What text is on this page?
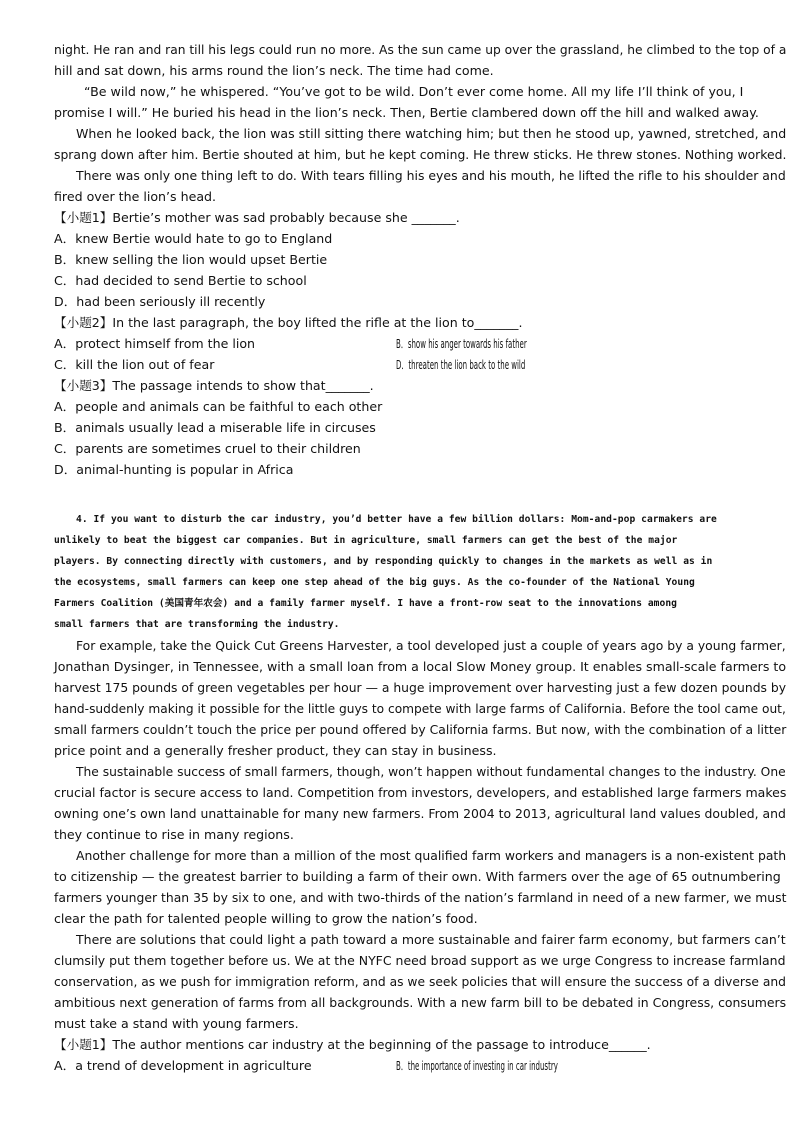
night. He ran and ran till his legs could run no more. As the sun came up over the grassland, he climbed to the top of a
hill and sat down, his arms round the lion’s neck. The time had come.
“Be wild now,” he whispered. “You’ve got to be wild. Don’t ever come home. All my life I’ll think of you, I
promise I will.” He buried his head in the lion’s neck. Then, Bertie clambered down off the hill and walked away.
When he looked back, the lion was still sitting there watching him; but then he stood up, yawned, stretched, and
sprang down after him. Bertie shouted at him, but he kept coming. He threw sticks. He threw stones. Nothing worked.
There was only one thing left to do. With tears filling his eyes and his mouth, he lifted the rifle to his shoulder and
fired over the lion’s head.
【小题1】Bertie’s mother was sad probably because she _______.
A．knew Bertie would hate to go to England
B．knew selling the lion would upset Bertie
C．had decided to send Bertie to school
D．had been seriously ill recently
【小题2】In the last paragraph, the boy lifted the rifle at the lion to_______.
A．protect himself from the lion	B．show his anger towards his father
C．kill the lion out of fear	D．threaten the lion back to the wild
【小题3】The passage intends to show that_______.
A．people and animals can be faithful to each other
B．animals usually lead a miserable life in circuses
C．parents are sometimes cruel to their children
D．animal-hunting is popular in Africa
4. If you want to disturb the car industry, you’d better have a few billion dollars: Mom-and-pop carmakers are
unlikely to beat the biggest car companies. But in agriculture, small farmers can get the best of the major
players. By connecting directly with customers, and by responding quickly to changes in the markets as well as in
the ecosystems, small farmers can keep one step ahead of the big guys. As the co-founder of the National Young
Farmers Coalition (美国青年农会) and a family farmer myself. I have a front-row seat to the innovations among
small farmers that are transforming the industry.
For example, take the Quick Cut Greens Harvester, a tool developed just a couple of years ago by a young farmer,
Jonathan Dysinger, in Tennessee, with a small loan from a local Slow Money group. It enables small-scale farmers to
harvest 175 pounds of green vegetables per hour — a huge improvement over harvesting just a few dozen pounds by
hand-suddenly making it possible for the little guys to compete with large farms of California. Before the tool came out,
small farmers couldn’t touch the price per pound offered by California farms. But now, with the combination of a litter
price point and a generally fresher product, they can stay in business.
The sustainable success of small farmers, though, won’t happen without fundamental changes to the industry. One
crucial factor is secure access to land. Competition from investors, developers, and established large farmers makes
owning one’s own land unattainable for many new farmers. From 2004 to 2013, agricultural land values doubled, and
they continue to rise in many regions.
Another challenge for more than a million of the most qualified farm workers and managers is a non-existent path
to citizenship — the greatest barrier to building a farm of their own. With farmers over the age of 65 outnumbering
farmers younger than 35 by six to one, and with two-thirds of the nation’s farmland in need of a new farmer, we must
clear the path for talented people willing to grow the nation’s food.
There are solutions that could light a path toward a more sustainable and fairer farm economy, but farmers can’t
clumsily put them together before us. We at the NYFC need broad support as we urge Congress to increase farmland
conservation, as we push for immigration reform, and as we seek policies that will ensure the success of a diverse and
ambitious next generation of farms from all backgrounds. With a new farm bill to be debated in Congress, consumers
must take a stand with young farmers.
【小题1】The author mentions car industry at the beginning of the passage to introduce______.
A．a trend of development in agriculture	B．the importance of investing in car industry
